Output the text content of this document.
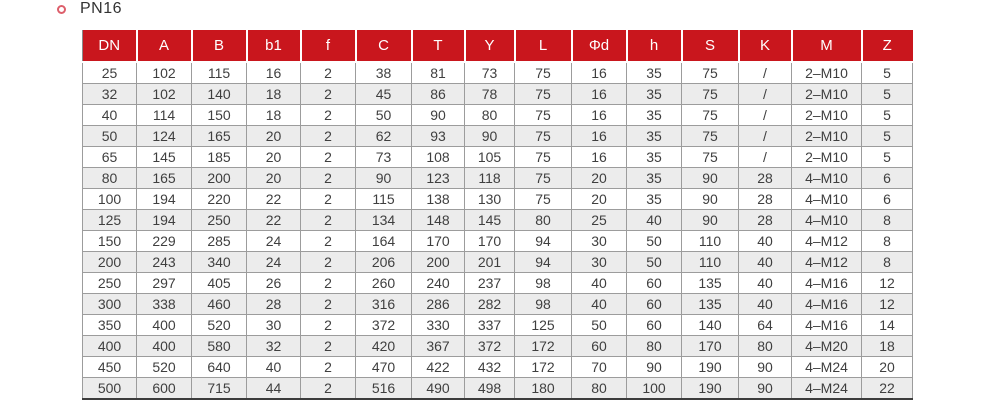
PN16
DN	A	B	b1	f	C	T	Y	L	Φd	h	S	K	M	Z
25	102	115	16	2	38	81	73	75	16	35	75	/	2–M10	5
32	102	140	18	2	45	86	78	75	16	35	75	/	2–M10	5
40	114	150	18	2	50	90	80	75	16	35	75	/	2–M10	5
50	124	165	20	2	62	93	90	75	16	35	75	/	2–M10	5
65	145	185	20	2	73	108	105	75	16	35	75	/	2–M10	5
80	165	200	20	2	90	123	118	75	20	35	90	28	4–M10	6
100	194	220	22	2	115	138	130	75	20	35	90	28	4–M10	6
125	194	250	22	2	134	148	145	80	25	40	90	28	4–M10	8
150	229	285	24	2	164	170	170	94	30	50	110	40	4–M12	8
200	243	340	24	2	206	200	201	94	30	50	110	40	4–M12	8
250	297	405	26	2	260	240	237	98	40	60	135	40	4–M16	12
300	338	460	28	2	316	286	282	98	40	60	135	40	4–M16	12
350	400	520	30	2	372	330	337	125	50	60	140	64	4–M16	14
400	400	580	32	2	420	367	372	172	60	80	170	80	4–M20	18
450	520	640	40	2	470	422	432	172	70	90	190	90	4–M24	20
500	600	715	44	2	516	490	498	180	80	100	190	90	4–M24	22
